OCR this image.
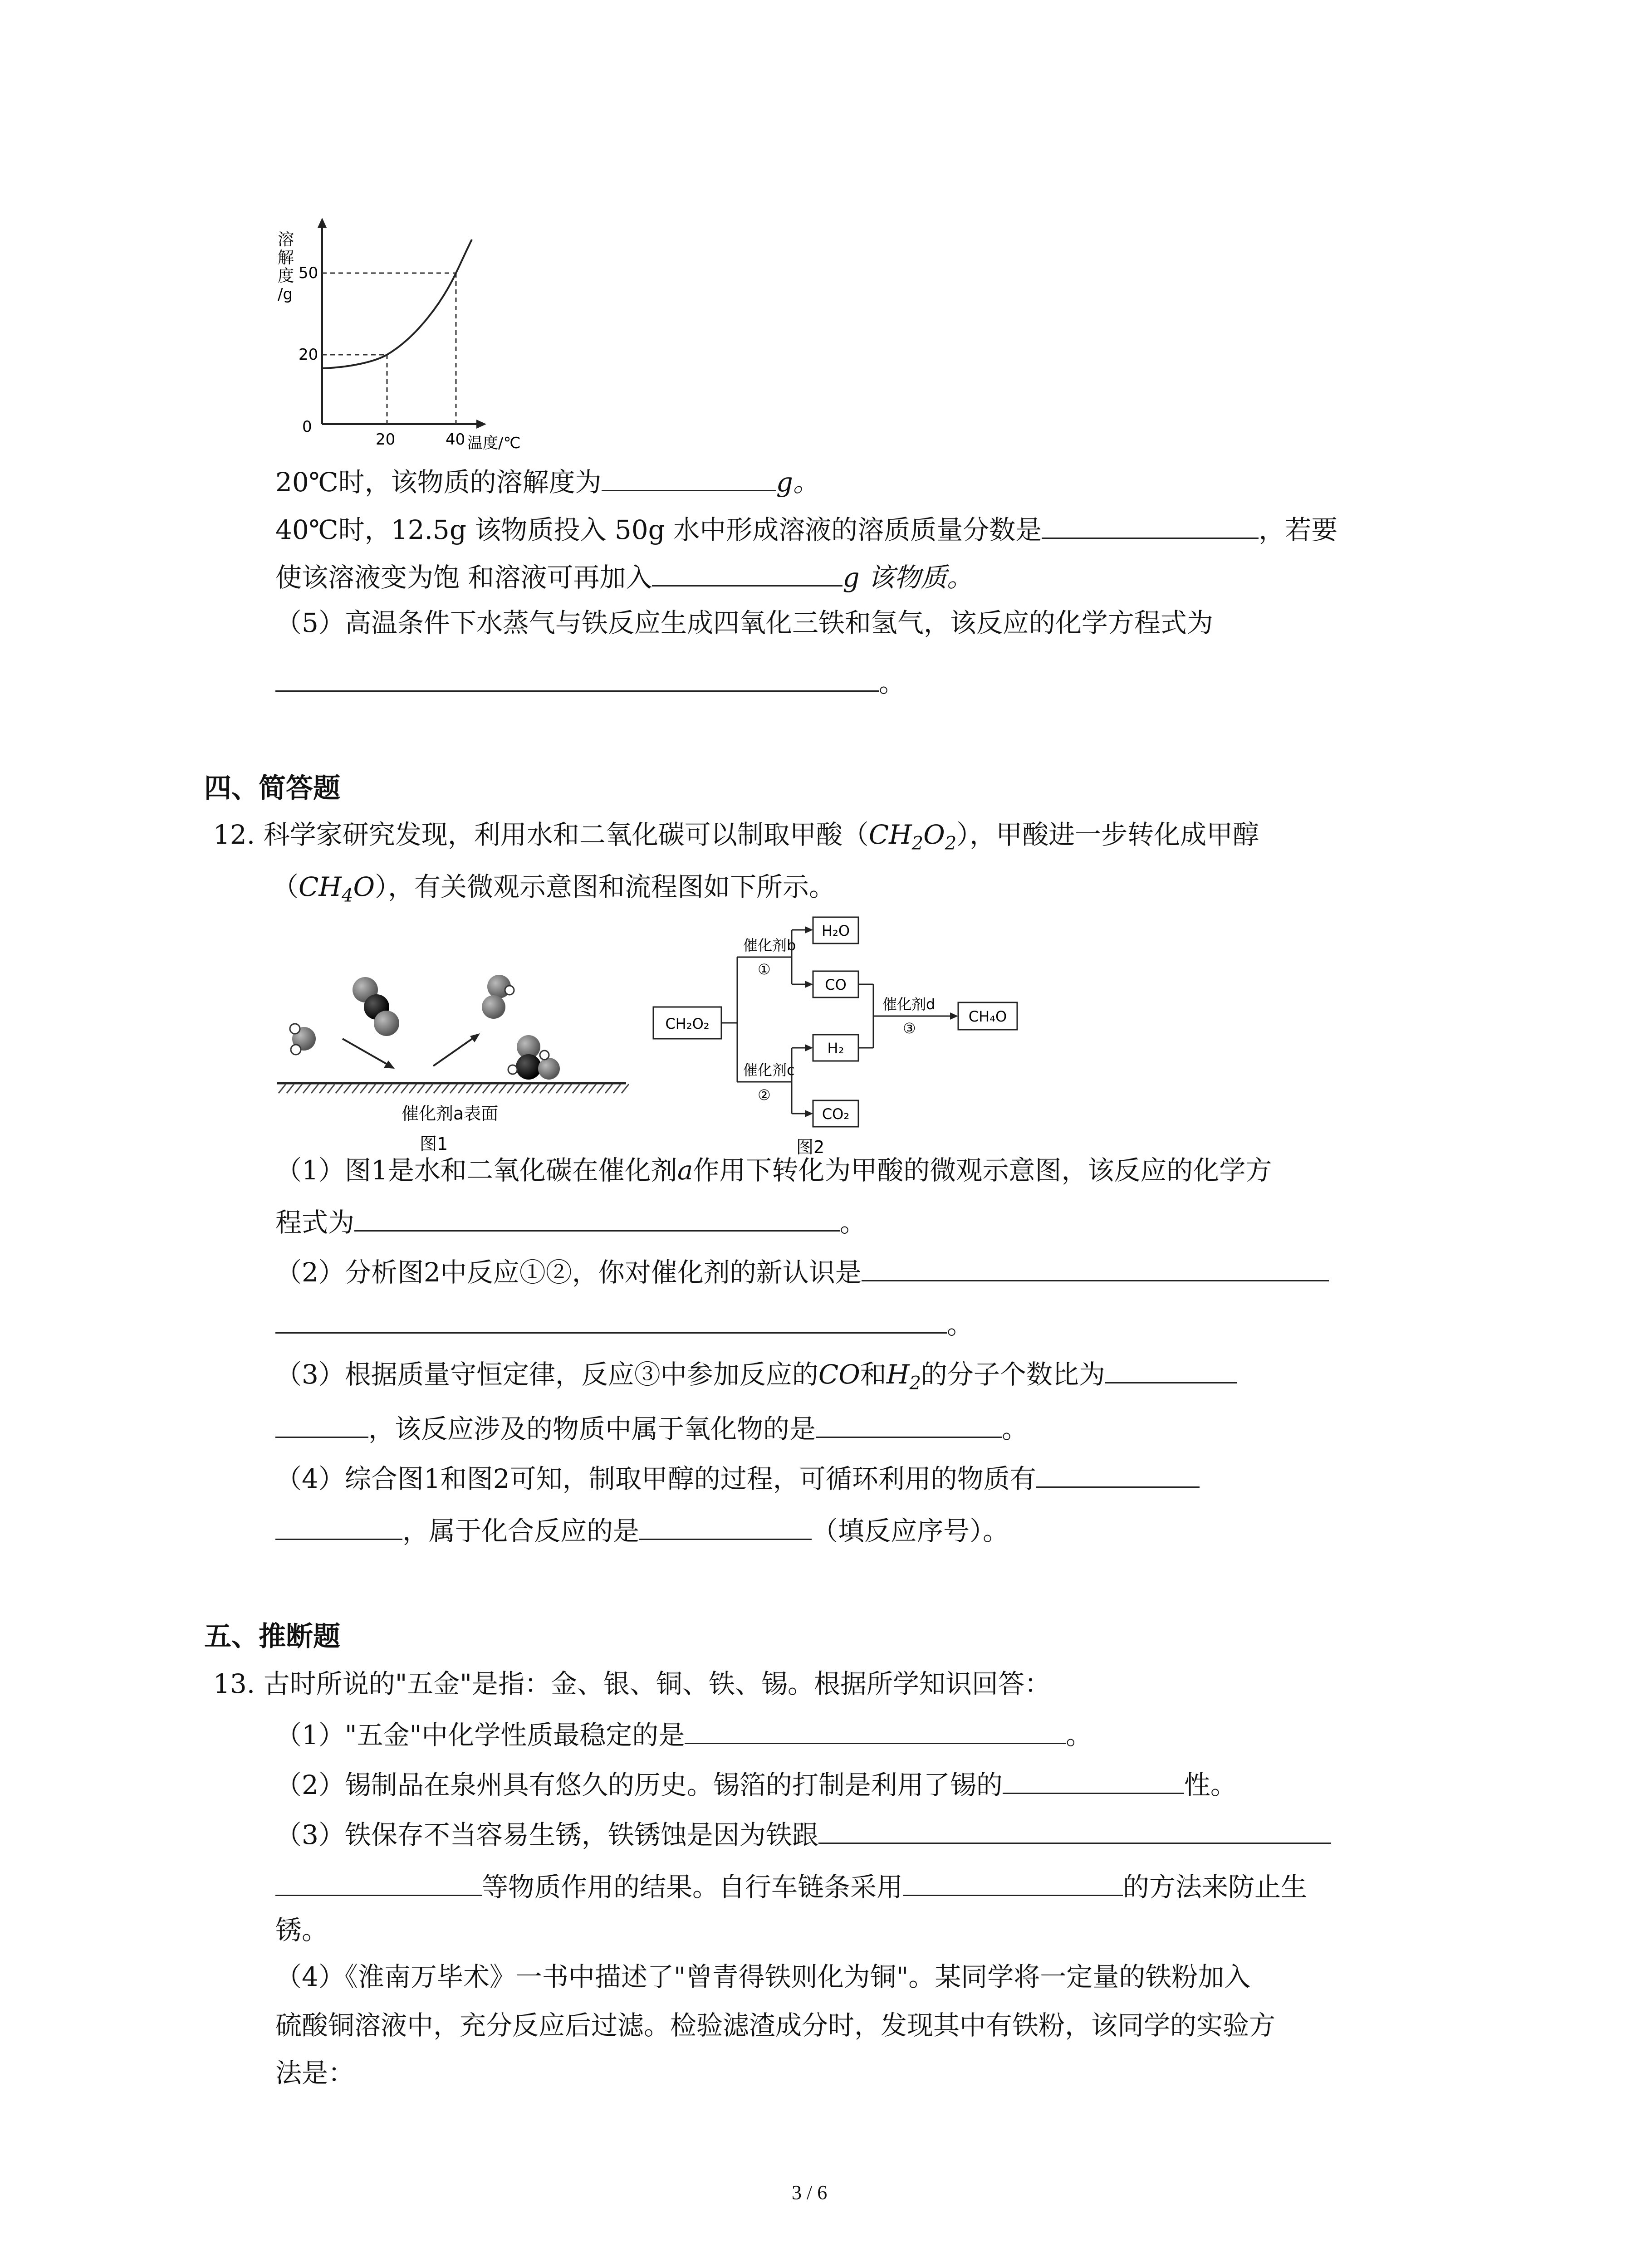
溶
解
度
/g
50
20
0
20	40 温度/℃
20℃时，该物质的溶解度为	g。
40℃时，12.5g 该物质投入 50g 水中形成溶液的溶质质量分数是	，若要
使该溶液变为饱 和溶液可再加入	g 该物质。
（5）高温条件下水蒸气与铁反应生成四氧化三铁和氢气，该反应的化学方程式为
。
四、简答题
12. 科学家研究发现，利用水和二氧化碳可以制取甲酸$(CH_2O_2)$，甲酸进一步转化成甲醇
$(CH_4O)$，有关微观示意图和流程图如下所示。
催化剂a表面
图1
CH₂O₂
催化剂b
①
H₂O
CO
催化剂c
②
H₂
CO₂
催化剂d
③
CH₄O
图2
（1）图1是水和二氧化碳在催化剂a作用下转化为甲酸的微观示意图，该反应的化学方
程式为	。
（2）分析图2中反应①②，你对催化剂的新认识是
。
（3）根据质量守恒定律，反应③中参加反应的CO和$H_2$的分子个数比为
，该反应涉及的物质中属于氧化物的是	。
（4）综合图1和图2可知，制取甲醇的过程，可循环利用的物质有
，属于化合反应的是	（填反应序号）。
五、推断题
13. 古时所说的"五金"是指：金、银、铜、铁、锡。根据所学知识回答：
（1）"五金"中化学性质最稳定的是	。
（2）锡制品在泉州具有悠久的历史。锡箔的打制是利用了锡的	性。
（3）铁保存不当容易生锈，铁锈蚀是因为铁跟
等物质作用的结果。自行车链条采用	的方法来防止生
锈。
（4）《淮南万毕术》一书中描述了"曾青得铁则化为铜"。某同学将一定量的铁粉加入
硫酸铜溶液中，充分反应后过滤。检验滤渣成分时，发现其中有铁粉，该同学的实验方
法是：
3 / 6
